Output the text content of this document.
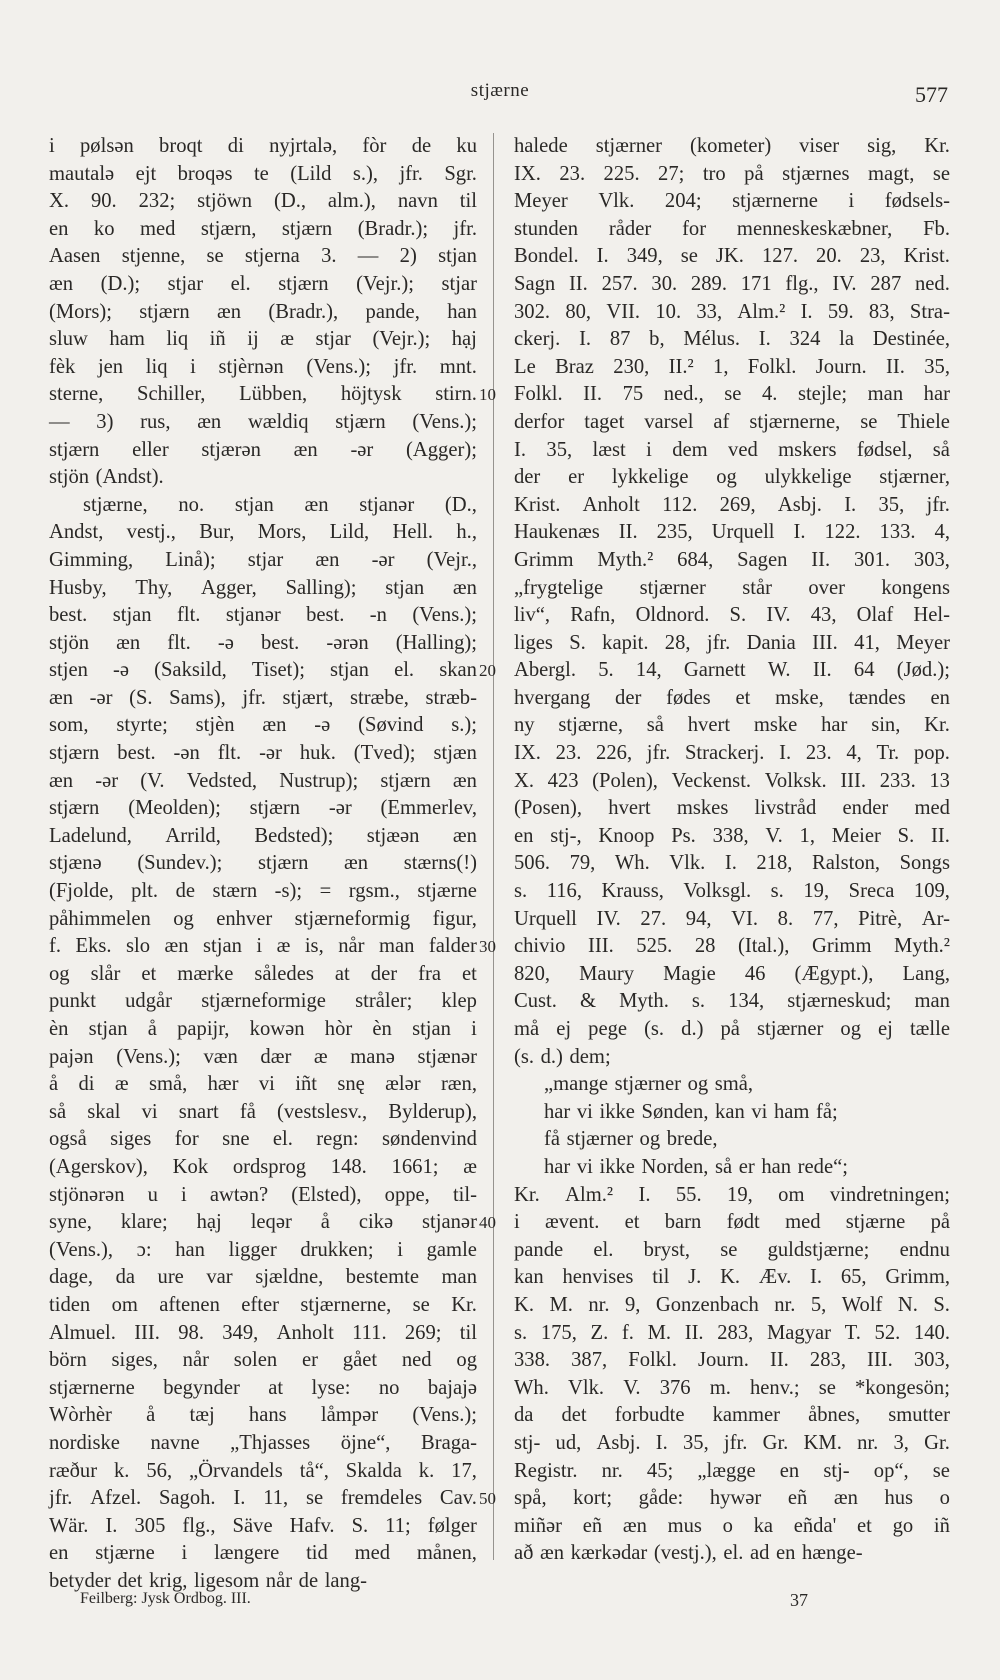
stjærne	577
i pølsən broqt di nyjrtalə, fòr de ku
mautalə ejt broqəs te (Lild s.), jfr. Sgr.
X. 90. 232; stjöwn (D., alm.), navn til
en ko med stjærn, stjærn (Bradr.); jfr.
Aasen stjenne, se stjerna 3. — 2) stjan
æn (D.); stjar el. stjærn (Vejr.); stjar
(Mors); stjærn æn (Bradr.), pande, han
sluw ham liq iñ ij æ stjar (Vejr.); hạj
fèk jen liq i stjèrnən (Vens.); jfr. mnt.
sterne, Schiller, Lübben, höjtysk stirn.
— 3) rus, æn wældiq stjærn (Vens.);
stjærn eller stjærən æn -ər (Agger);
stjön (Andst).
stjærne, no. stjan æn stjanər (D.,
Andst, vestj., Bur, Mors, Lild, Hell. h.,
Gimming, Linå); stjar æn -ər (Vejr.,
Husby, Thy, Agger, Salling); stjan æn
best. stjan flt. stjanər best. -n (Vens.);
stjön æn flt. -ə best. -ərən (Halling);
stjen -ə (Saksild, Tiset); stjan el. skan
æn -ər (S. Sams), jfr. stjært, stræbe, stræb-
som, styrte; stjèn æn -ə (Søvind s.);
stjærn best. -ən flt. -ər huk. (Tved); stjæn
æn -ər (V. Vedsted, Nustrup); stjærn æn
stjærn (Meolden); stjærn -ər (Emmerlev,
Ladelund, Arrild, Bedsted); stjæən æn
stjænə (Sundev.); stjærn æn stærns(!)
(Fjolde, plt. de stærn -s); = rgsm., stjærne
påhimmelen og enhver stjærneformig figur,
f. Eks. slo æn stjan i æ is, når man falder
og slår et mærke således at der fra et
punkt udgår stjærneformige stråler; klep
èn stjan å papijr, kowən hòr èn stjan i
pajən (Vens.); væn dær æ manə stjænər
å di æ små, hær vi iñt snę ælər ræn,
så skal vi snart få (vestslesv., Bylderup),
også siges for sne el. regn: søndenvind
(Agerskov), Kok ordsprog 148. 1661; æ
stjönərən u i awtən? (Elsted), oppe, til-
syne, klare; hạj leqər å cikə stjanər
(Vens.), ɔ: han ligger drukken; i gamle
dage, da ure var sjældne, bestemte man
tiden om aftenen efter stjærnerne, se Kr.
Almuel. III. 98. 349, Anholt 111. 269; til
börn siges, når solen er gået ned og
stjærnerne begynder at lyse: no bajajə
Wòrhèr å tæj hans låmpər (Vens.);
nordiske navne „Thjasses öjne“, Braga-
ræður k. 56, „Örvandels tå“, Skalda k. 17,
jfr. Afzel. Sagoh. I. 11, se fremdeles Cav.
Wär. I. 305 flg., Säve Hafv. S. 11; følger
en stjærne i længere tid med månen,
betyder det krig, ligesom når de lang-
halede stjærner (kometer) viser sig, Kr.
IX. 23. 225. 27; tro på stjærnes magt, se
Meyer Vlk. 204; stjærnerne i fødsels-
stunden råder for menneskeskæbner, Fb.
Bondel. I. 349, se JK. 127. 20. 23, Krist.
Sagn II. 257. 30. 289. 171 flg., IV. 287 ned.
302. 80, VII. 10. 33, Alm.² I. 59. 83, Stra-
ckerj. I. 87 b, Mélus. I. 324 la Destinée,
Le Braz 230, II.² 1, Folkl. Journ. II. 35,
Folkl. II. 75 ned., se 4. stejle; man har
derfor taget varsel af stjærnerne, se Thiele
I. 35, læst i dem ved mskers fødsel, så
der er lykkelige og ulykkelige stjærner,
Krist. Anholt 112. 269, Asbj. I. 35, jfr.
Haukenæs II. 235, Urquell I. 122. 133. 4,
Grimm Myth.² 684, Sagen II. 301. 303,
„frygtelige stjærner står over kongens
liv“, Rafn, Oldnord. S. IV. 43, Olaf Hel-
liges S. kapit. 28, jfr. Dania III. 41, Meyer
Abergl. 5. 14, Garnett W. II. 64 (Jød.);
hvergang der fødes et mske, tændes en
ny stjærne, så hvert mske har sin, Kr.
IX. 23. 226, jfr. Strackerj. I. 23. 4, Tr. pop.
X. 423 (Polen), Veckenst. Volksk. III. 233. 13
(Posen), hvert mskes livstråd ender med
en stj-, Knoop Ps. 338, V. 1, Meier S. II.
506. 79, Wh. Vlk. I. 218, Ralston, Songs
s. 116, Krauss, Volksgl. s. 19, Sreca 109,
Urquell IV. 27. 94, VI. 8. 77, Pitrè, Ar-
chivio III. 525. 28 (Ital.), Grimm Myth.²
820, Maury Magie 46 (Ægypt.), Lang,
Cust. & Myth. s. 134, stjærneskud; man
må ej pege (s. d.) på stjærner og ej tælle
(s. d.) dem;
„mange stjærner og små,
har vi ikke Sønden, kan vi ham få;
få stjærner og brede,
har vi ikke Norden, så er han rede“;
Kr. Alm.² I. 55. 19, om vindretningen;
i ævent. et barn født med stjærne på
pande el. bryst, se guldstjærne; endnu
kan henvises til J. K. Æv. I. 65, Grimm,
K. M. nr. 9, Gonzenbach nr. 5, Wolf N. S.
s. 175, Z. f. M. II. 283, Magyar T. 52. 140.
338. 387, Folkl. Journ. II. 283, III. 303,
Wh. Vlk. V. 376 m. henv.; se *kongesön;
da det forbudte kammer åbnes, smutter
stj- ud, Asbj. I. 35, jfr. Gr. KM. nr. 3, Gr.
Registr. nr. 45; „lægge en stj- op“, se
spå, kort; gåde: hywər eñ æn hus o
miñər eñ æn mus o ka eñda' et go iñ
að æn kærkədar (vestj.), el. ad en hænge-
10
20
30
40
50
Feilberg: Jysk Ordbog. III.	37
